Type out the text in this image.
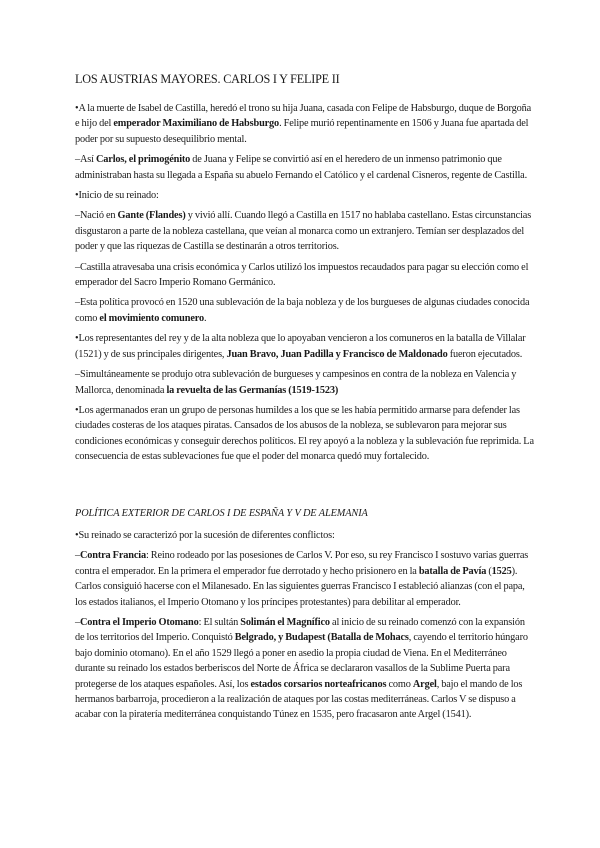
LOS AUSTRIAS MAYORES. CARLOS I Y FELIPE II

•A la muerte de Isabel de Castilla, heredó el trono su hija Juana, casada con Felipe de Habsburgo, duque de Borgoña e hijo del emperador Maximiliano de Habsburgo. Felipe murió repentinamente en 1506 y Juana fue apartada del poder por su supuesto desequilibrio mental.

–Así Carlos, el primogénito de Juana y Felipe se convirtió así en el heredero de un inmenso patrimonio que administraban hasta su llegada a España su abuelo Fernando el Católico y el cardenal Cisneros, regente de Castilla.

•Inicio de su reinado:

–Nació en Gante (Flandes) y vivió allí. Cuando llegó a Castilla en 1517 no hablaba castellano. Estas circunstancias disgustaron a parte de la nobleza castellana, que veían al monarca como un extranjero. Temían ser desplazados del poder y que las riquezas de Castilla se destinarán a otros territorios.

–Castilla atravesaba una crisis económica y Carlos utilizó los impuestos recaudados para pagar su elección como el emperador del Sacro Imperio Romano Germánico.

–Esta política provocó en 1520 una sublevación de la baja nobleza y de los burgueses de algunas ciudades conocida como el movimiento comunero.

•Los representantes del rey y de la alta nobleza que lo apoyaban vencieron a los comuneros en la batalla de Villalar (1521) y de sus principales dirigentes, Juan Bravo, Juan Padilla y Francisco de Maldonado fueron ejecutados.

–Simultáneamente se produjo otra sublevación de burgueses y campesinos en contra de la nobleza en Valencia y Mallorca, denominada la revuelta de las Germanías (1519-1523)

•Los agermanados eran un grupo de personas humildes a los que se les había permitido armarse para defender las ciudades costeras de los ataques piratas. Cansados de los abusos de la nobleza, se sublevaron para mejorar sus condiciones económicas y conseguir derechos políticos. El rey apoyó a la nobleza y la sublevación fue reprimida. La consecuencia de estas sublevaciones fue que el poder del monarca quedó muy fortalecido.

POLÍTICA EXTERIOR DE CARLOS I DE ESPAÑA Y V DE ALEMANIA

•Su reinado se caracterizó por la sucesión de diferentes conflictos:

–Contra Francia: Reino rodeado por las posesiones de Carlos V. Por eso, su rey Francisco I sostuvo varias guerras contra el emperador. En la primera el emperador fue derrotado y hecho prisionero en la batalla de Pavía (1525). Carlos consiguió hacerse con el Milanesado. En las siguientes guerras Francisco I estableció alianzas (con el papa, los estados italianos, el Imperio Otomano y los príncipes protestantes) para debilitar al emperador.

–Contra el Imperio Otomano: El sultán Solimán el Magnífico al inicio de su reinado comenzó con la expansión de los territorios del Imperio. Conquistó Belgrado, y Budapest (Batalla de Mohacs, cayendo el territorio húngaro bajo dominio otomano). En el año 1529 llegó a poner en asedio la propia ciudad de Viena. En el Mediterráneo durante su reinado los estados berberiscos del Norte de África se declararon vasallos de la Sublime Puerta para protegerse de los ataques españoles. Así, los estados corsarios norteafricanos como Argel, bajo el mando de los hermanos barbarroja, procedieron a la realización de ataques por las costas mediterráneas. Carlos V se dispuso a acabar con la piratería mediterránea conquistando Túnez en 1535, pero fracasaron ante Argel (1541).
